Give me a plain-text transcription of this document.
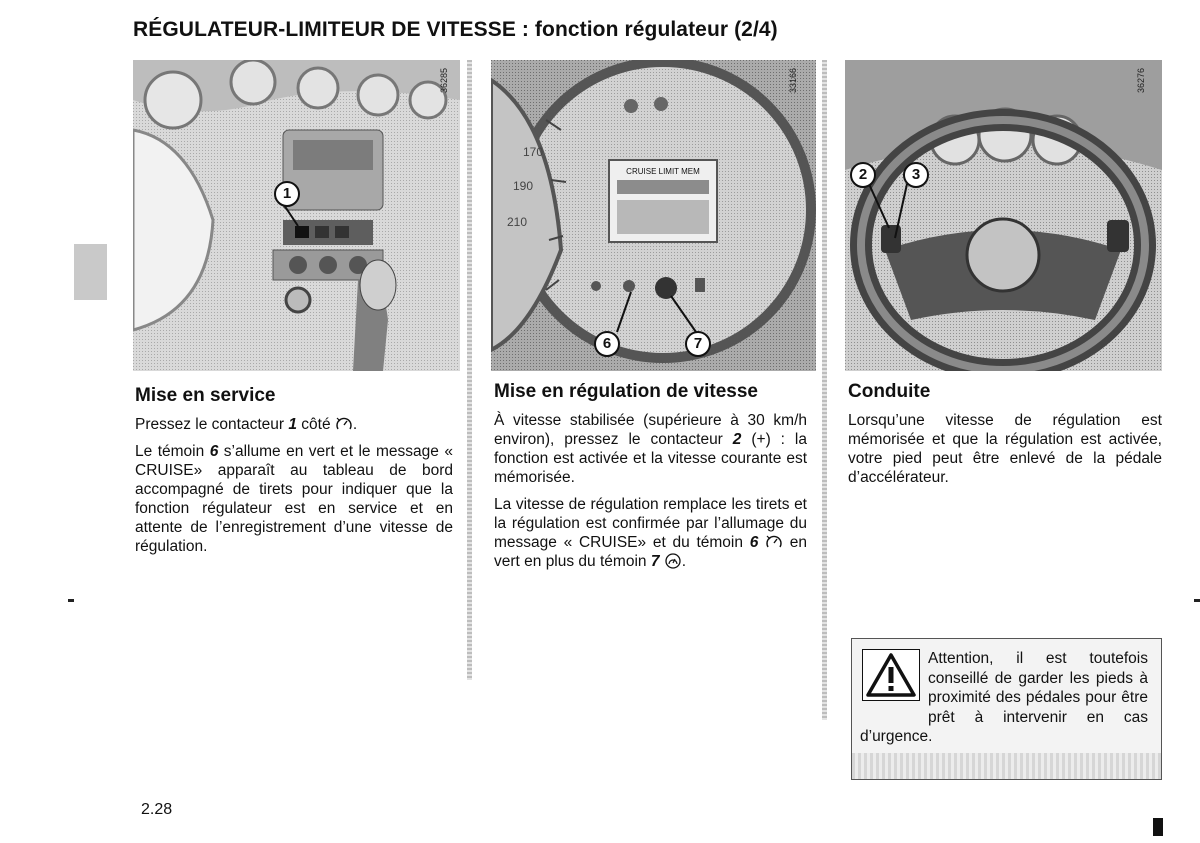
RÉGULATEUR-LIMITEUR DE VITESSE : fonction régulateur (2/4)
1
36285
170
190
210
CRUISE LIMIT MEM
6	7
33166
2	3
36276
Mise en service

Pressez le contacteur 1 côté .

Le témoin 6 s’allume en vert et le message « CRUISE» apparaît au tableau de bord accompagné de tirets pour indiquer que la fonction régulateur est en service et en attente de l’enregistrement d’une vitesse de régulation.

Mise en régulation de vitesse

À vitesse stabilisée (supérieure à 30 km/h environ), pressez le contacteur 2 (+) : la fonction est activée et la vitesse courante est mémorisée.

La vitesse de régulation remplace les tirets et la régulation est confirmée par l’allumage du message « CRUISE» et du témoin 6  en vert en plus du témoin 7 .

Conduite

Lorsqu’une vitesse de régulation est mémorisée et que la régulation est activée, votre pied peut être enlevé de la pédale d’accélérateur.

Attention, il est toutefois conseillé de garder les pieds à proximité des pédales pour être prêt à intervenir en cas d’urgence.
2.28
